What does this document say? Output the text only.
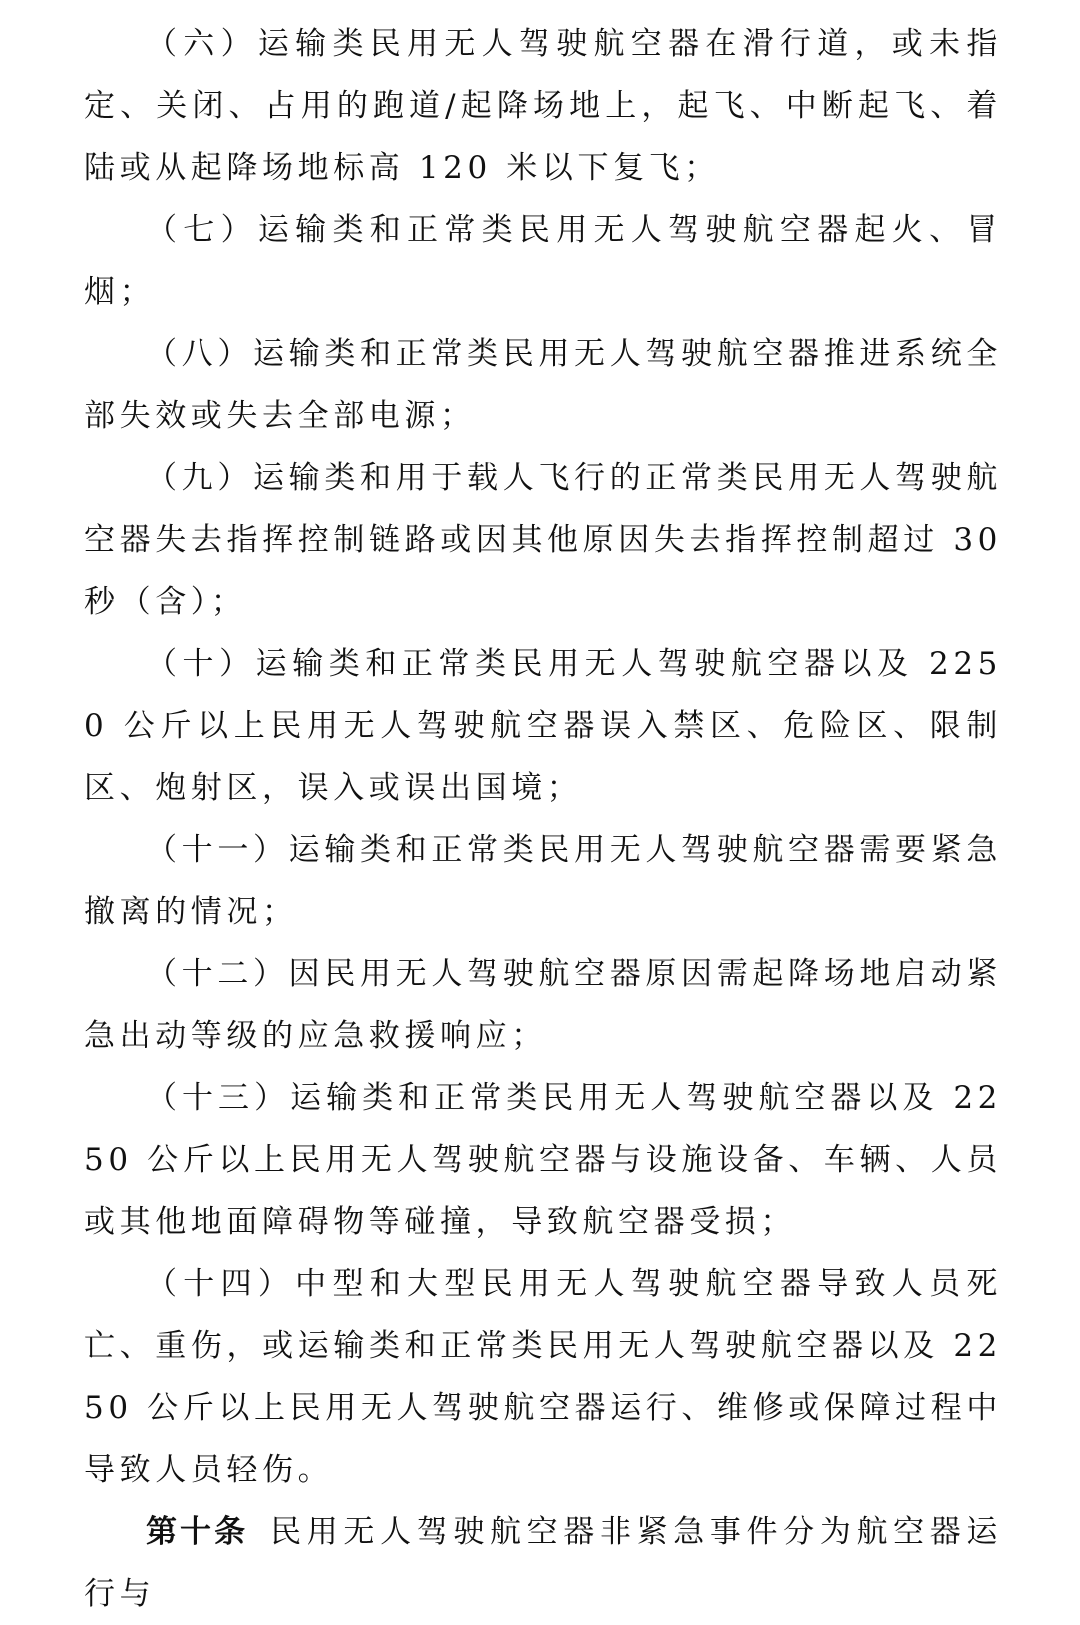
（六）运输类民用无人驾驶航空器在滑行道，或未指定、关闭、占用的跑道/起降场地上，起飞、中断起飞、着陆或从起降场地标高 120 米以下复飞；

（七）运输类和正常类民用无人驾驶航空器起火、冒烟；

（八）运输类和正常类民用无人驾驶航空器推进系统全部失效或失去全部电源；

（九）运输类和用于载人飞行的正常类民用无人驾驶航空器失去指挥控制链路或因其他原因失去指挥控制超过 30 秒（含）；

（十）运输类和正常类民用无人驾驶航空器以及 2250 公斤以上民用无人驾驶航空器误入禁区、危险区、限制区、炮射区，误入或误出国境；

（十一）运输类和正常类民用无人驾驶航空器需要紧急撤离的情况；

（十二）因民用无人驾驶航空器原因需起降场地启动紧急出动等级的应急救援响应；

（十三）运输类和正常类民用无人驾驶航空器以及 2250 公斤以上民用无人驾驶航空器与设施设备、车辆、人员或其他地面障碍物等碰撞，导致航空器受损；

（十四）中型和大型民用无人驾驶航空器导致人员死亡、重伤，或运输类和正常类民用无人驾驶航空器以及 2250 公斤以上民用无人驾驶航空器运行、维修或保障过程中导致人员轻伤。

第十条 民用无人驾驶航空器非紧急事件分为航空器运行与
